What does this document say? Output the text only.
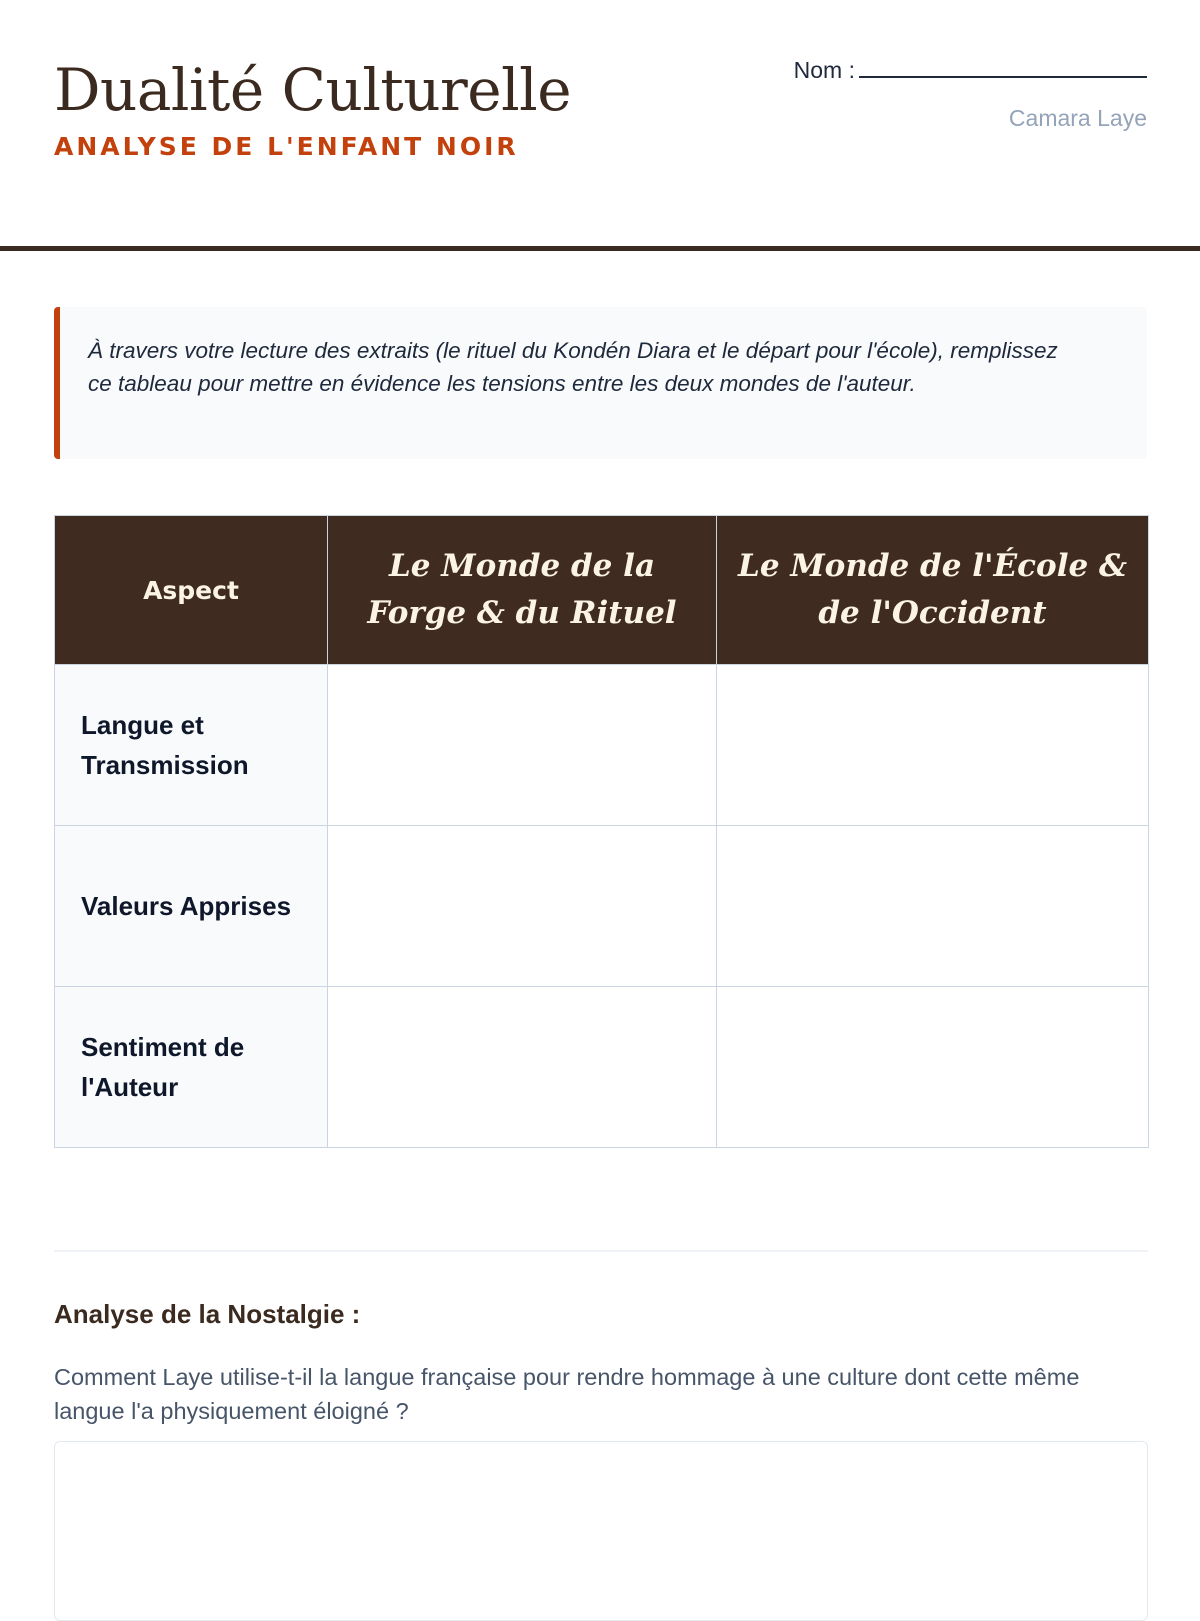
Dualité Culturelle
ANALYSE DE L'ENFANT NOIR
Nom :
Camara Laye
À travers votre lecture des extraits (le rituel du Kondén Diara et le départ pour l'école), remplissez ce tableau pour mettre en évidence les tensions entre les deux mondes de l'auteur.
Aspect	Le Monde de la Forge & du Rituel	Le Monde de l'École & de l'Occident
Langue et Transmission		
Valeurs Apprises		
Sentiment de l'Auteur		
Analyse de la Nostalgie :
Comment Laye utilise-t-il la langue française pour rendre hommage à une culture dont cette même langue l'a physiquement éloigné ?
